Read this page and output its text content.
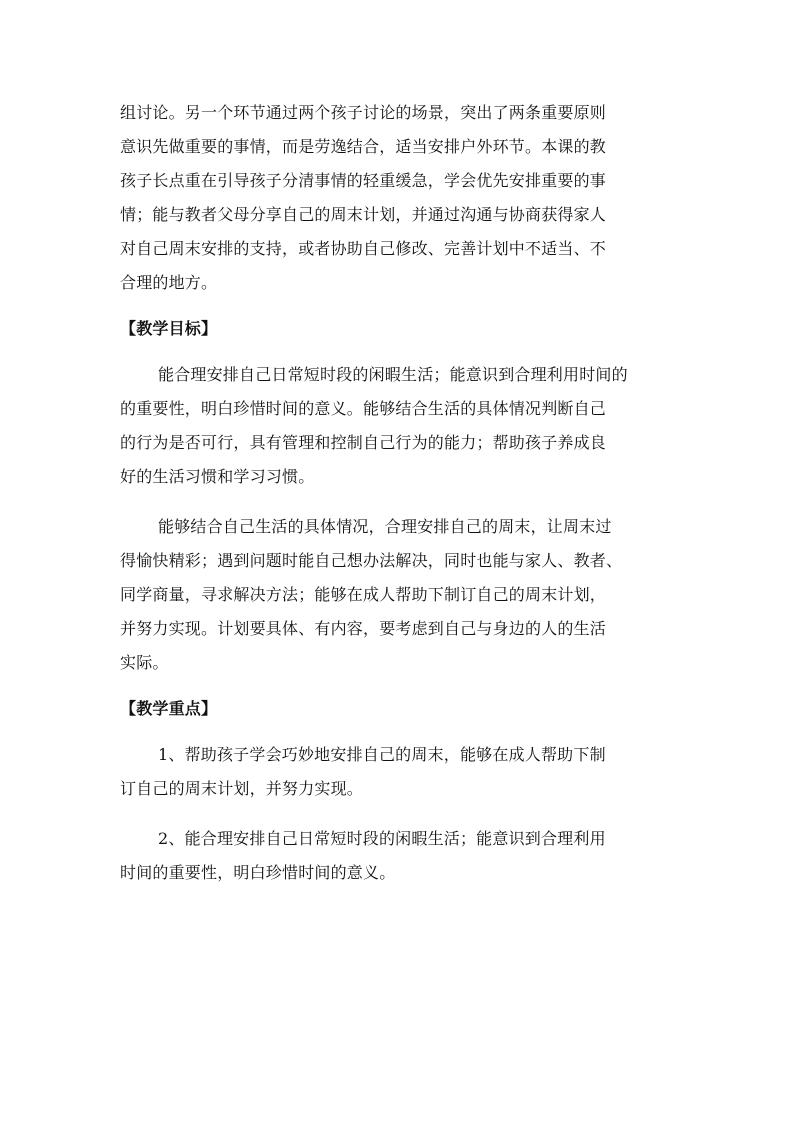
组讨论。另一个环节通过两个孩子讨论的场景，突出了两条重要原则
意识先做重要的事情，而是劳逸结合，适当安排户外环节。本课的教
孩子长点重在引导孩子分清事情的轻重缓急，学会优先安排重要的事
情；能与教者父母分享自己的周末计划，并通过沟通与协商获得家人
对自己周末安排的支持，或者协助自己修改、完善计划中不适当、不
合理的地方。
【教学目标】
能合理安排自己日常短时段的闲暇生活；能意识到合理利用时间的
的重要性，明白珍惜时间的意义。能够结合生活的具体情况判断自己
的行为是否可行，具有管理和控制自己行为的能力；帮助孩子养成良
好的生活习惯和学习习惯。
能够结合自己生活的具体情况，合理安排自己的周末，让周末过
得愉快精彩；遇到问题时能自己想办法解决，同时也能与家人、教者、
同学商量，寻求解决方法；能够在成人帮助下制订自己的周末计划，
并努力实现。计划要具体、有内容，要考虑到自己与身边的人的生活
实际。
【教学重点】
1、帮助孩子学会巧妙地安排自己的周末，能够在成人帮助下制
订自己的周末计划，并努力实现。
2、能合理安排自己日常短时段的闲暇生活；能意识到合理利用
时间的重要性，明白珍惜时间的意义。
